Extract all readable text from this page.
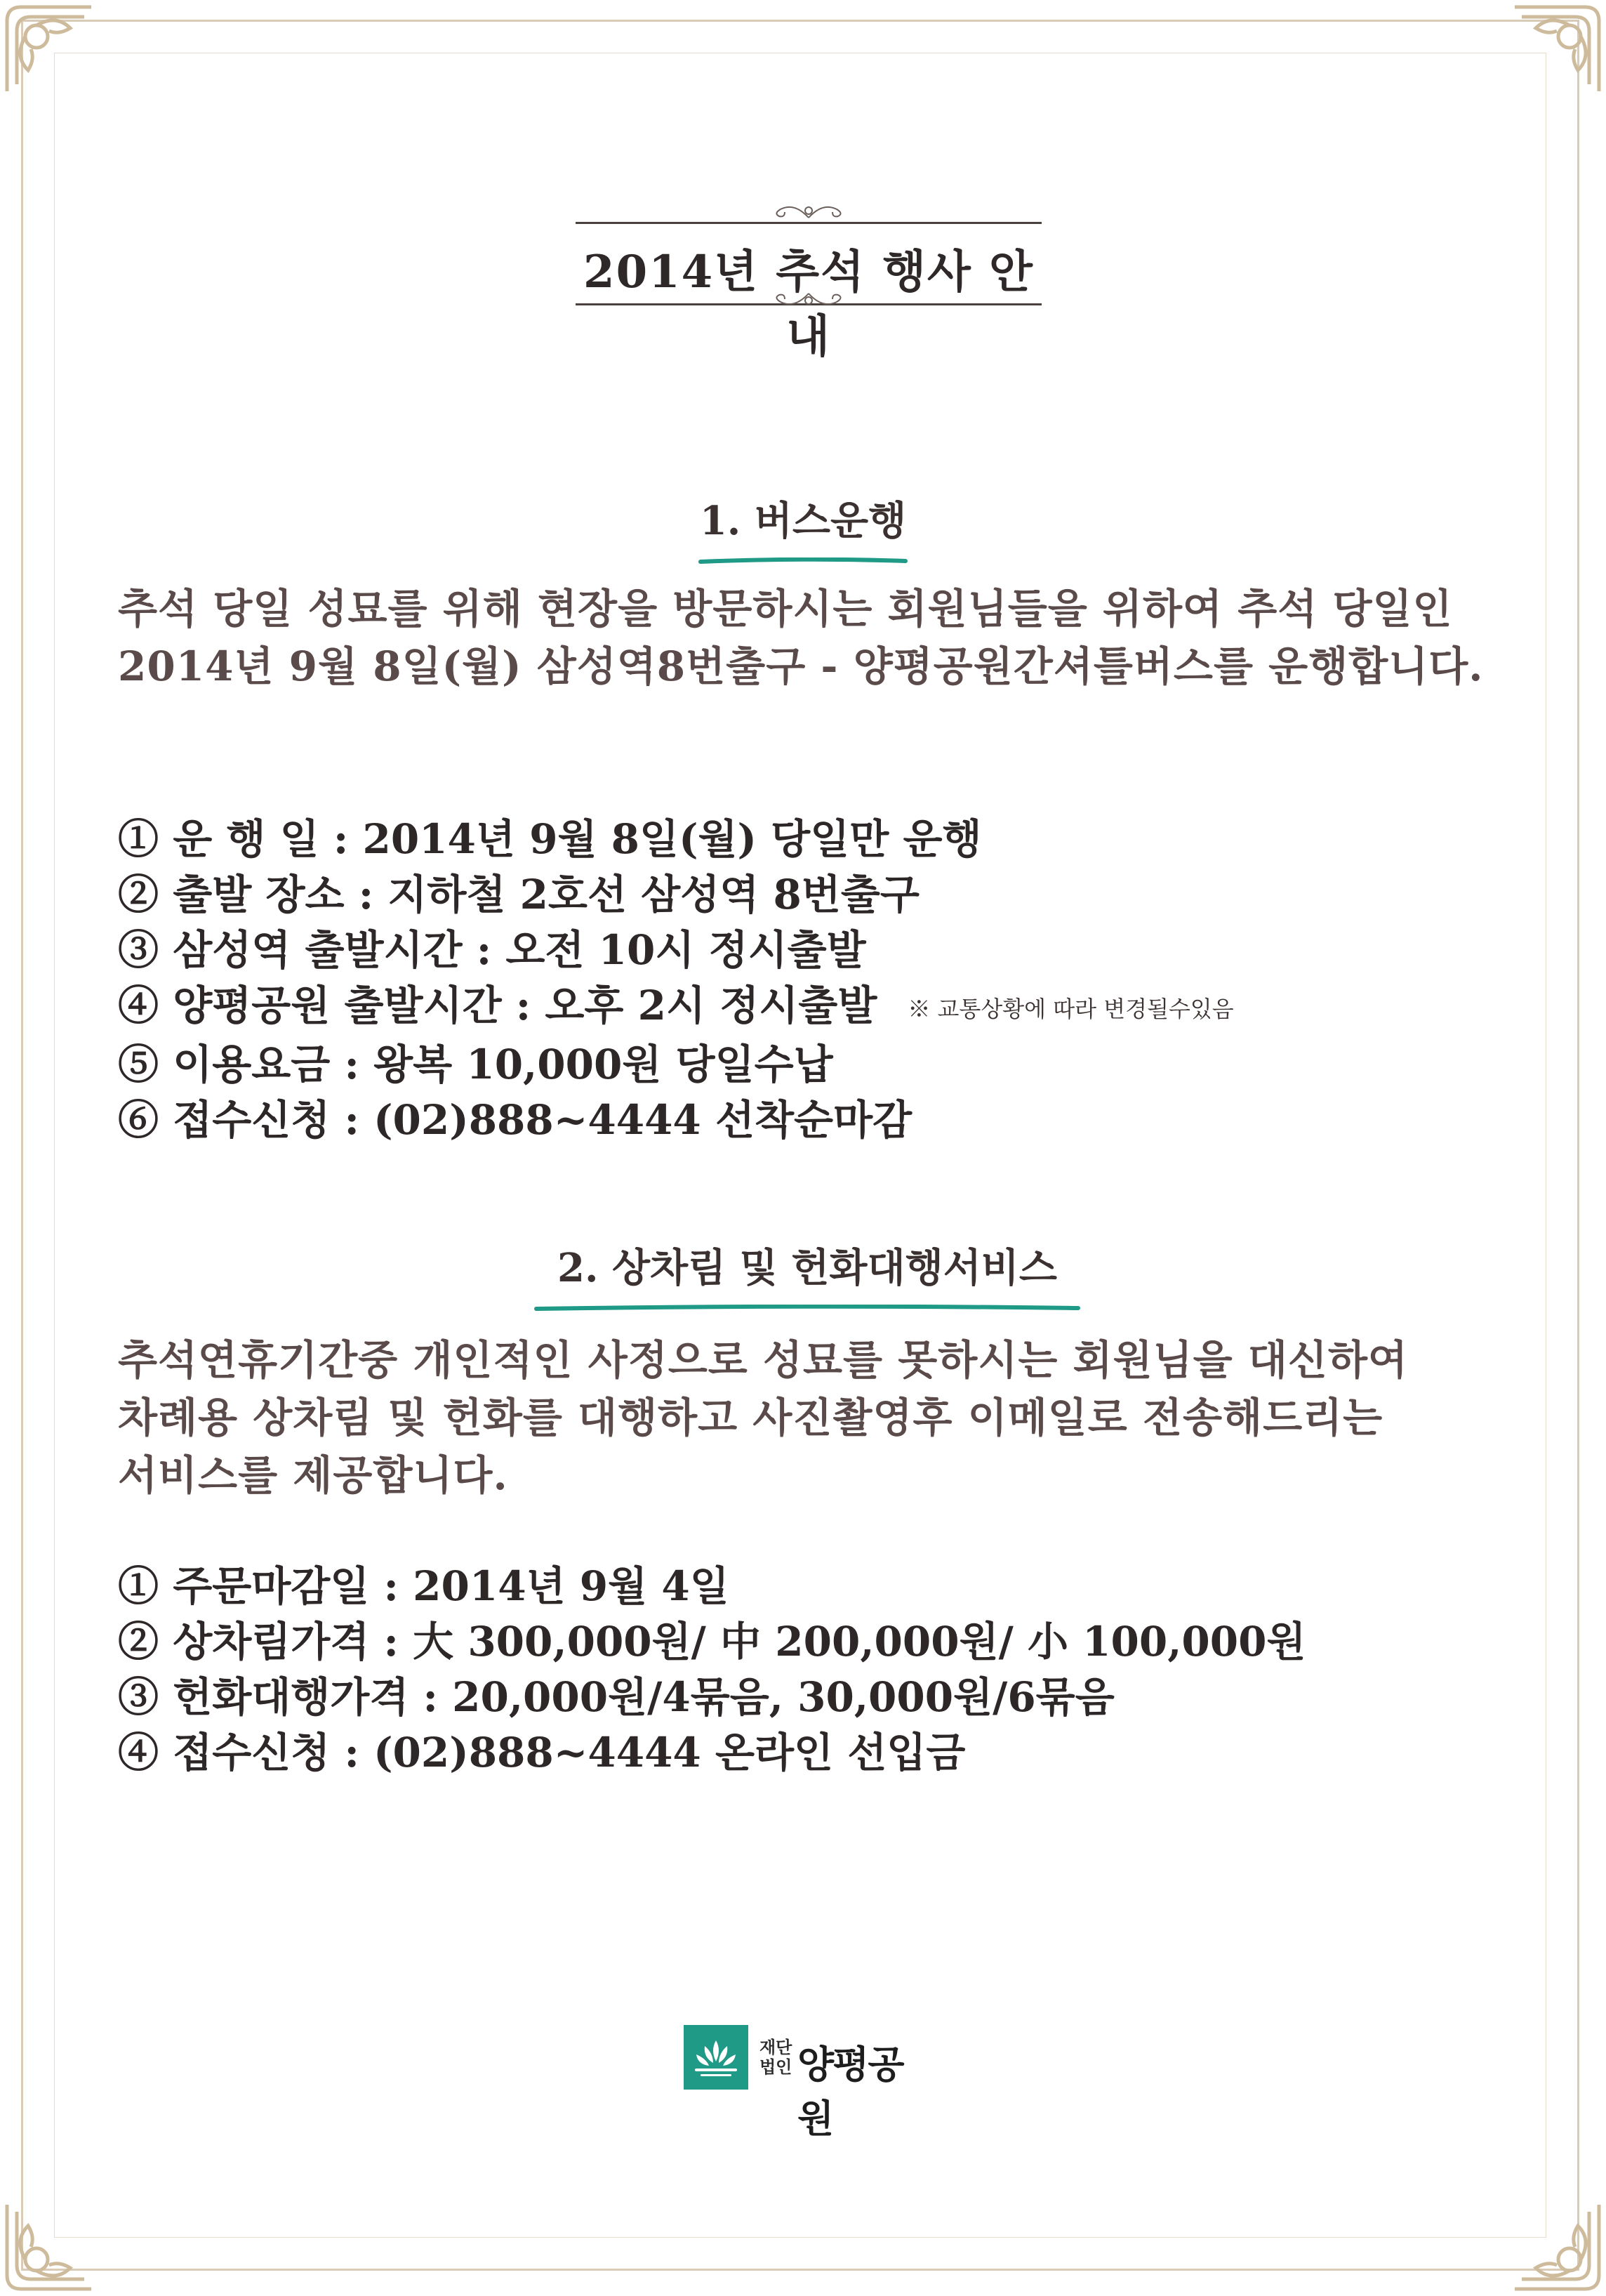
2014년 추석 행사 안내
1. 버스운행
추석 당일 성묘를 위해 현장을 방문하시는 회원님들을 위하여 추석 당일인
2014년 9월 8일(월) 삼성역8번출구 - 양평공원간셔틀버스를 운행합니다.
① 운 행 일 : 2014년 9월 8일(월) 당일만 운행
② 출발 장소 : 지하철 2호선 삼성역 8번출구
③ 삼성역 출발시간 : 오전 10시 정시출발
④ 양평공원 출발시간 : 오후 2시 정시출발 ※ 교통상황에 따라 변경될수있음
⑤ 이용요금 : 왕복 10,000원 당일수납
⑥ 접수신청 : (02)888~4444 선착순마감
2. 상차림 및 헌화대행서비스
추석연휴기간중 개인적인 사정으로 성묘를 못하시는 회원님을 대신하여
차례용 상차림 및 헌화를 대행하고 사진촬영후 이메일로 전송해드리는
서비스를 제공합니다.
① 주문마감일 : 2014년 9월 4일
② 상차림가격 : 大 300,000원/ 中 200,000원/ 小 100,000원
③ 헌화대행가격 : 20,000원/4묶음, 30,000원/6묶음
④ 접수신청 : (02)888~4444 온라인 선입금
재단
법인 양평공원
